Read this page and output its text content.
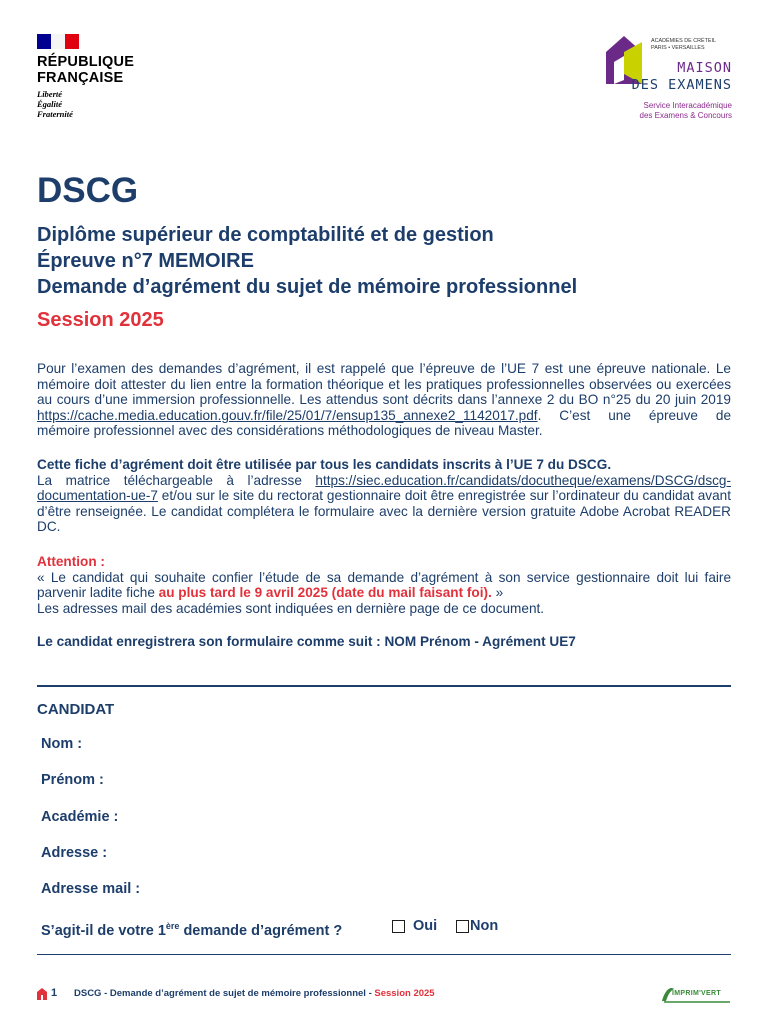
RÉPUBLIQUE
FRANÇAISE
Liberté
Égalité
Fraternité
ACADÉMIES DE CRÉTEIL
PARIS • VERSAILLES
MAISON
DES EXAMENS
Service Interacadémique
des Examens & Concours
DSCG
Diplôme supérieur de comptabilité et de gestion
Épreuve n°7 MEMOIRE
Demande d’agrément du sujet de mémoire professionnel
Session 2025
Pour l’examen des demandes d’agrément, il est rappelé que l’épreuve de l’UE 7 est une épreuve nationale. Le mémoire doit attester du lien entre la formation théorique et les pratiques professionnelles observées ou exercées au cours d’une immersion professionnelle. Les attendus sont décrits dans l’annexe 2 du BO n°25 du 20 juin 2019 https://cache.media.education.gouv.fr/file/25/01/7/ensup135_annexe2_1142017.pdf. C’est une épreuve de mémoire professionnel avec des considérations méthodologiques de niveau Master.
Cette fiche d’agrément doit être utilisée par tous les candidats inscrits à l’UE 7 du DSCG.
La matrice téléchargeable à l’adresse https://siec.education.fr/candidats/docutheque/examens/DSCG/dscg-documentation-ue-7 et/ou sur le site du rectorat gestionnaire doit être enregistrée sur l’ordinateur du candidat avant d’être renseignée. Le candidat complétera le formulaire avec la dernière version gratuite Adobe Acrobat READER DC.
Attention :
« Le candidat qui souhaite confier l’étude de sa demande d’agrément à son service gestionnaire doit lui faire parvenir ladite fiche au plus tard le 9 avril 2025 (date du mail faisant foi). »
Les adresses mail des académies sont indiquées en dernière page de ce document.
Le candidat enregistrera son formulaire comme suit : NOM Prénom - Agrément UE7
CANDIDAT
Nom :
Prénom :
Académie :
Adresse :
Adresse mail :
S’agit-il de votre 1ère demande d’agrément ?	Oui Non
1 DSCG - Demande d’agrément de sujet de mémoire professionnel - Session 2025	IMPRIM'VERT
